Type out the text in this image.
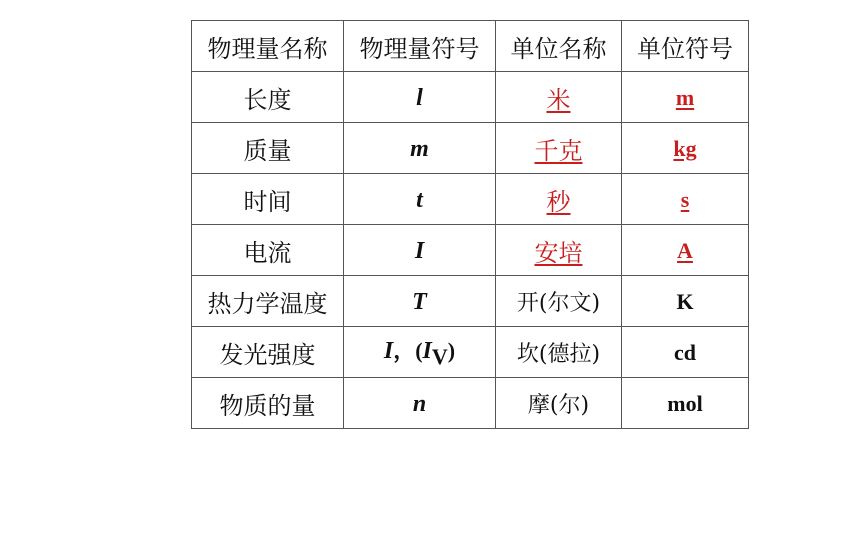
物理量名称	物理量符号	单位名称	单位符号
长度	l	米	m
质量	m	千克	kg
时间	t	秒	s
电流	I	安培	A
热力学温度	T	开(尔文)	K
发光强度	I，$(I_V)$	坎(德拉)	cd
物质的量	n	摩(尔)	mol
